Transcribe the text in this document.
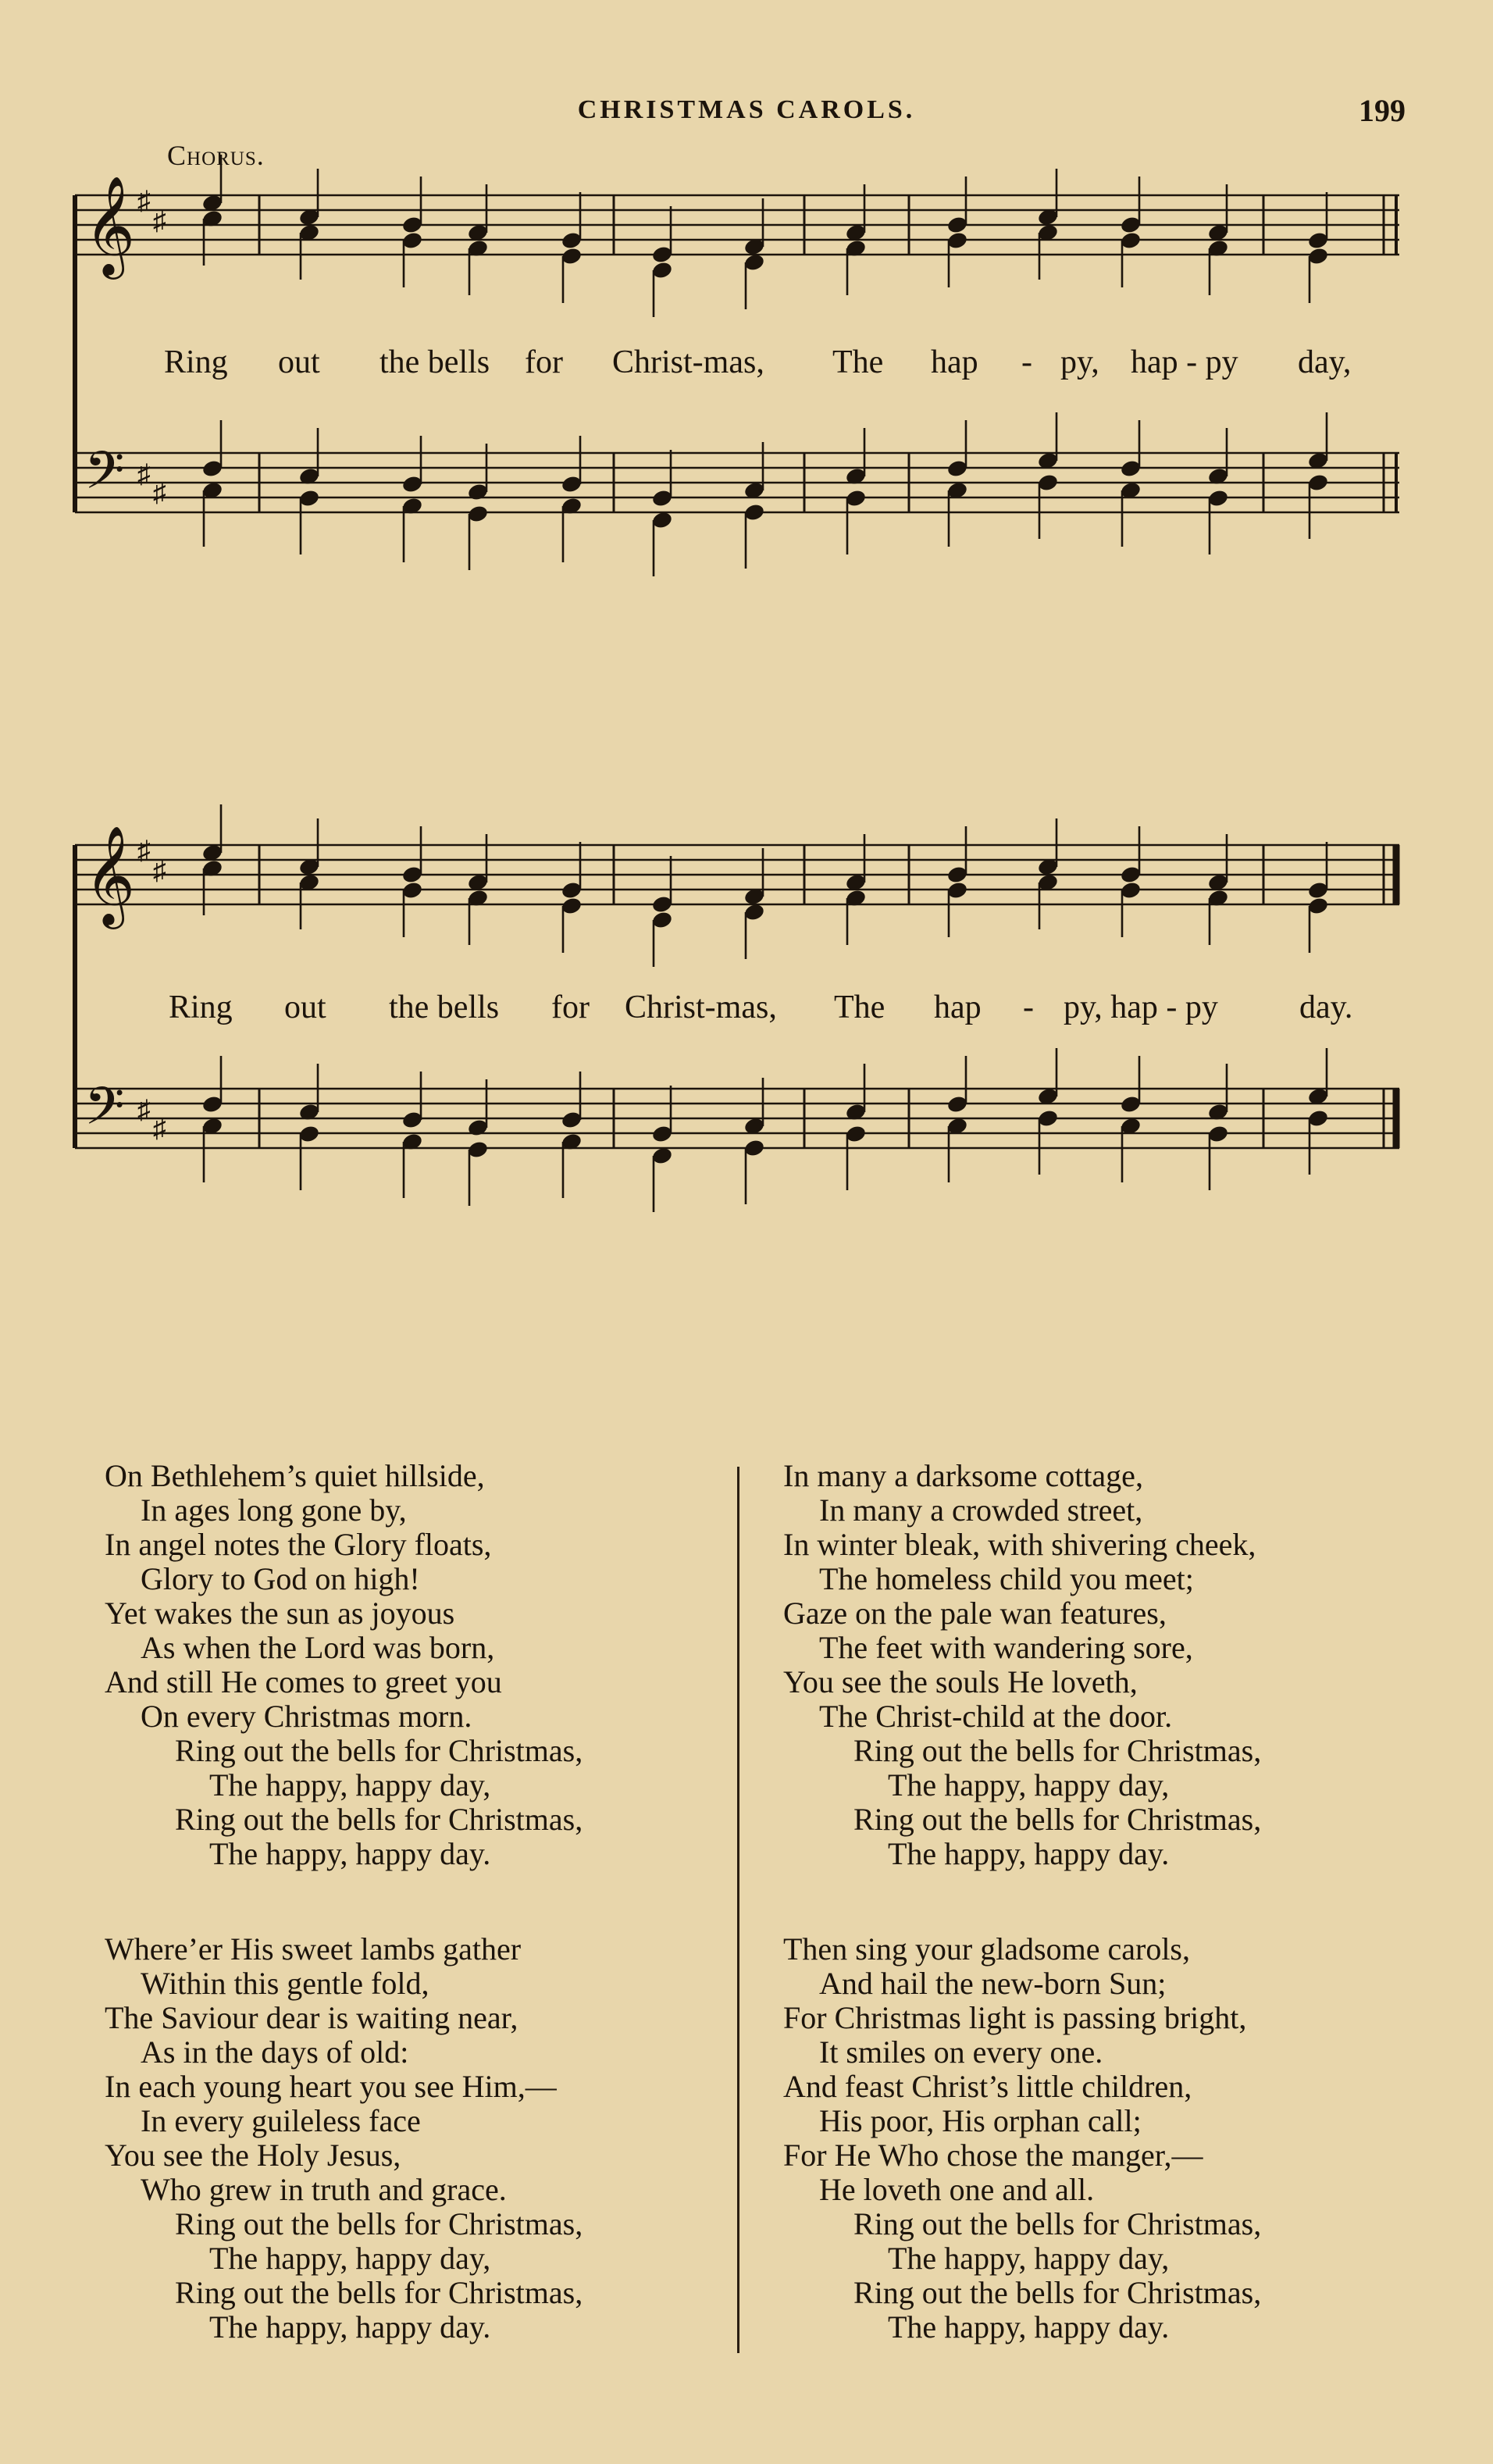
CHRISTMAS CAROLS.	199
Chorus.
𝄞
𝄢
♯
♯
♯
♯
𝄞
𝄢
♯
♯
♯
♯
Ring out the bells for Christ-mas, The hap - py, hap - py day,
Ring out the bells for Christ-mas, The hap - py, hap - py day.
On Bethlehem’s quiet hillside,
In ages long gone by,
In angel notes the Glory floats,
Glory to God on high!
Yet wakes the sun as joyous
As when the Lord was born,
And still He comes to greet you
On every Christmas morn.
Ring out the bells for Christmas,
The happy, happy day,
Ring out the bells for Christmas,
The happy, happy day.
Where’er His sweet lambs gather
Within this gentle fold,
The Saviour dear is waiting near,
As in the days of old:
In each young heart you see Him,—
In every guileless face
You see the Holy Jesus,
Who grew in truth and grace.
Ring out the bells for Christmas,
The happy, happy day,
Ring out the bells for Christmas,
The happy, happy day.
In many a darksome cottage,
In many a crowded street,
In winter bleak, with shivering cheek,
The homeless child you meet;
Gaze on the pale wan features,
The feet with wandering sore,
You see the souls He loveth,
The Christ-child at the door.
Ring out the bells for Christmas,
The happy, happy day,
Ring out the bells for Christmas,
The happy, happy day.
Then sing your gladsome carols,
And hail the new-born Sun;
For Christmas light is passing bright,
It smiles on every one.
And feast Christ’s little children,
His poor, His orphan call;
For He Who chose the manger,—
He loveth one and all.
Ring out the bells for Christmas,
The happy, happy day,
Ring out the bells for Christmas,
The happy, happy day.
